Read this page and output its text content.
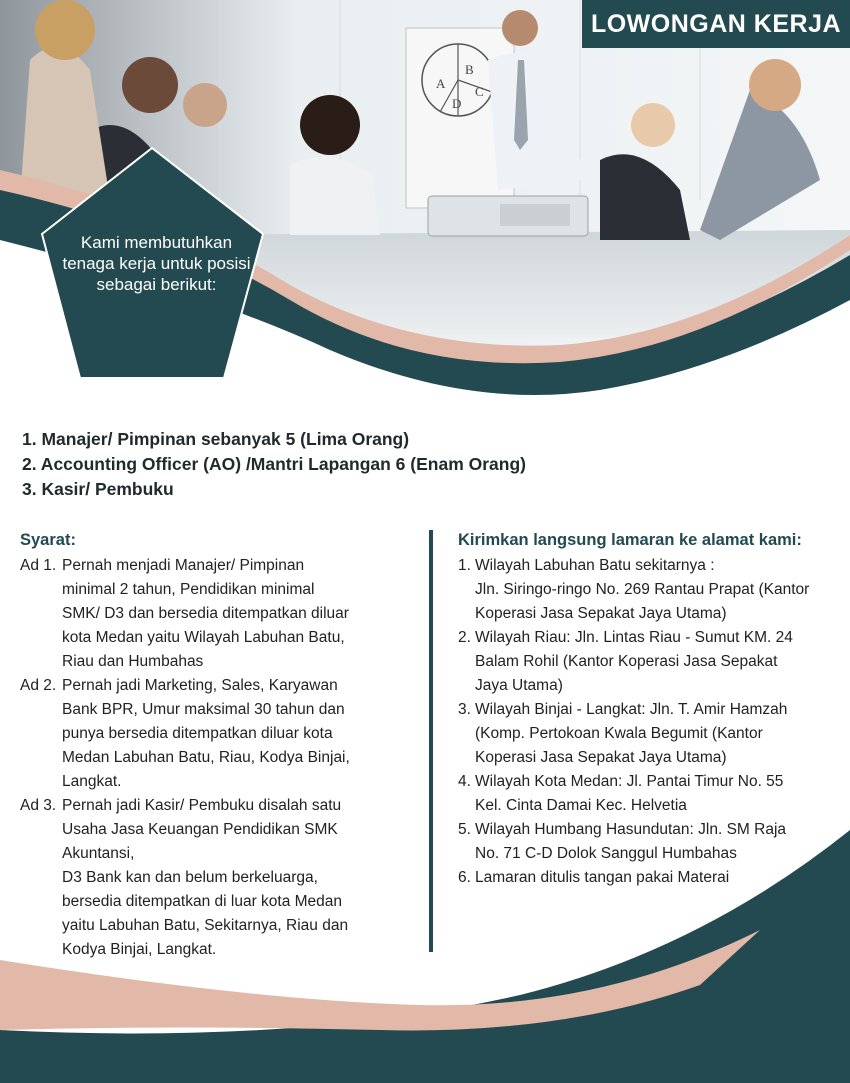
A
B
C
D
LOWONGAN KERJA
Kami membutuhkan tenaga kerja untuk posisi sebagai berikut:
1. Manajer/ Pimpinan sebanyak 5 (Lima Orang)
2. Accounting Officer (AO) /Mantri Lapangan 6 (Enam Orang)
3. Kasir/ Pembuku
Syarat:
Ad 1. Pernah menjadi Manajer/ Pimpinan
minimal 2 tahun, Pendidikan minimal
SMK/ D3 dan bersedia ditempatkan diluar
kota Medan yaitu Wilayah Labuhan Batu,
Riau dan Humbahas
Ad 2. Pernah jadi Marketing, Sales, Karyawan
Bank BPR, Umur maksimal 30 tahun dan
punya bersedia ditempatkan diluar kota
Medan Labuhan Batu, Riau, Kodya Binjai,
Langkat.
Ad 3. Pernah jadi Kasir/ Pembuku disalah satu
Usaha Jasa Keuangan Pendidikan SMK
Akuntansi,
D3 Bank kan dan belum berkeluarga,
bersedia ditempatkan di luar kota Medan
yaitu Labuhan Batu, Sekitarnya, Riau dan
Kodya Binjai, Langkat.
Kirimkan langsung lamaran ke alamat kami:
1. Wilayah Labuhan Batu sekitarnya :
Jln. Siringo-ringo No. 269 Rantau Prapat (Kantor
Koperasi Jasa Sepakat Jaya Utama)
2. Wilayah Riau: Jln. Lintas Riau - Sumut KM. 24
Balam Rohil (Kantor Koperasi Jasa Sepakat
Jaya Utama)
3. Wilayah Binjai - Langkat: Jln. T. Amir Hamzah
(Komp. Pertokoan Kwala Begumit (Kantor
Koperasi Jasa Sepakat Jaya Utama)
4. Wilayah Kota Medan: Jl. Pantai Timur No. 55
Kel. Cinta Damai Kec. Helvetia
5. Wilayah Humbang Hasundutan: Jln. SM Raja
No. 71 C-D Dolok Sanggul Humbahas
6. Lamaran ditulis tangan pakai Materai
